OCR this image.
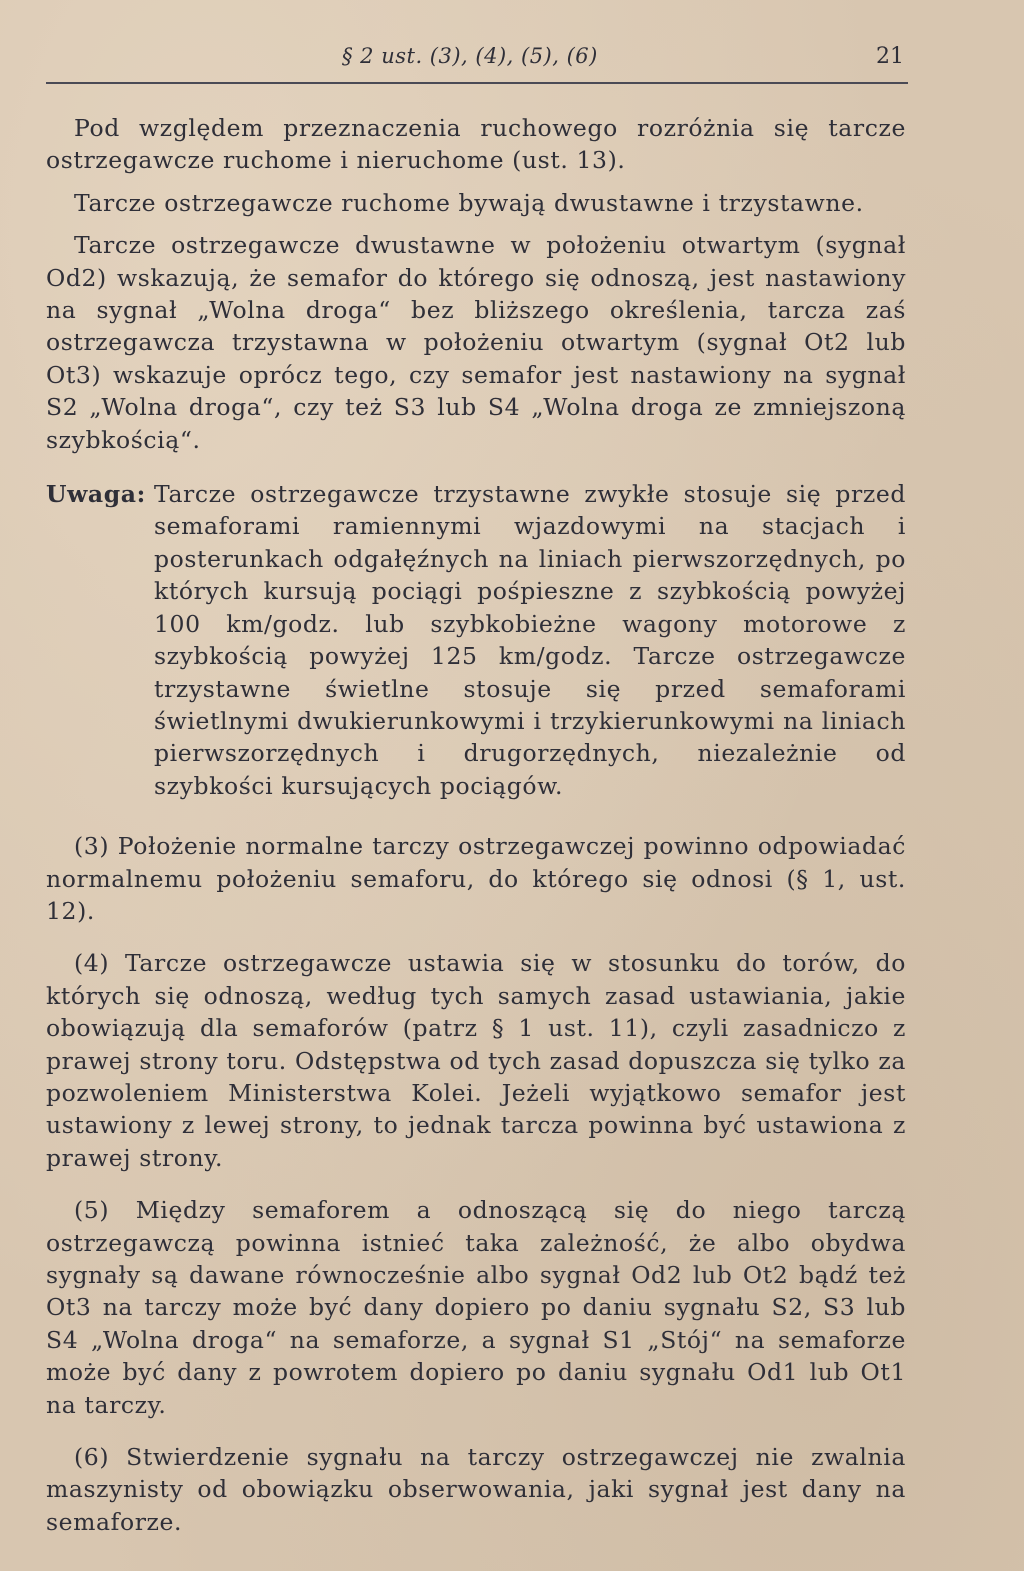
§ 2 ust. (3), (4), (5), (6)	21

Pod względem przeznaczenia ruchowego rozróżnia się tarcze ostrzegawcze ruchome i nieruchome (ust. 13).

Tarcze ostrzegawcze ruchome bywają dwustawne i trzystawne.

Tarcze ostrzegawcze dwustawne w położeniu otwartym (sygnał Od2) wskazują, że semafor do którego się odnoszą, jest nastawiony na sygnał „Wolna droga“ bez bliższego określenia, tarcza zaś ostrzegawcza trzystawna w położeniu otwartym (sygnał Ot2 lub Ot3) wskazuje oprócz tego, czy semafor jest nastawiony na sygnał S2 „Wolna droga“, czy też S3 lub S4 „Wolna droga ze zmniejszoną szybkością“.

Uwaga: Tarcze ostrzegawcze trzystawne zwykłe stosuje się przed semaforami ramiennymi wjazdowymi na stacjach i posterunkach odgałęźnych na liniach pierwszorzędnych, po których kursują pociągi pośpieszne z szybkością powyżej 100 km/godz. lub szybkobieżne wagony motorowe z szybkością powyżej 125 km/godz. Tarcze ostrzegawcze trzystawne świetlne stosuje się przed semaforami świetlnymi dwukierunkowymi i trzykierunkowymi na liniach pierwszorzędnych i drugorzędnych, niezależnie od szybkości kursujących pociągów.

(3) Położenie normalne tarczy ostrzegawczej powinno odpowiadać normalnemu położeniu semaforu, do którego się odnosi (§ 1, ust. 12).

(4) Tarcze ostrzegawcze ustawia się w stosunku do torów, do których się odnoszą, według tych samych zasad ustawiania, jakie obowiązują dla semaforów (patrz § 1 ust. 11), czyli zasadniczo z prawej strony toru. Odstępstwa od tych zasad dopuszcza się tylko za pozwoleniem Ministerstwa Kolei. Jeżeli wyjątkowo semafor jest ustawiony z lewej strony, to jednak tarcza powinna być ustawiona z prawej strony.

(5) Między semaforem a odnoszącą się do niego tarczą ostrzegawczą powinna istnieć taka zależność, że albo obydwa sygnały są dawane równocześnie albo sygnał Od2 lub Ot2 bądź też Ot3 na tarczy może być dany dopiero po daniu sygnału S2, S3 lub S4 „Wolna droga“ na semaforze, a sygnał S1 „Stój“ na semaforze może być dany z powrotem dopiero po daniu sygnału Od1 lub Ot1 na tarczy.

(6) Stwierdzenie sygnału na tarczy ostrzegawczej nie zwalnia maszynisty od obowiązku obserwowania, jaki sygnał jest dany na semaforze.
